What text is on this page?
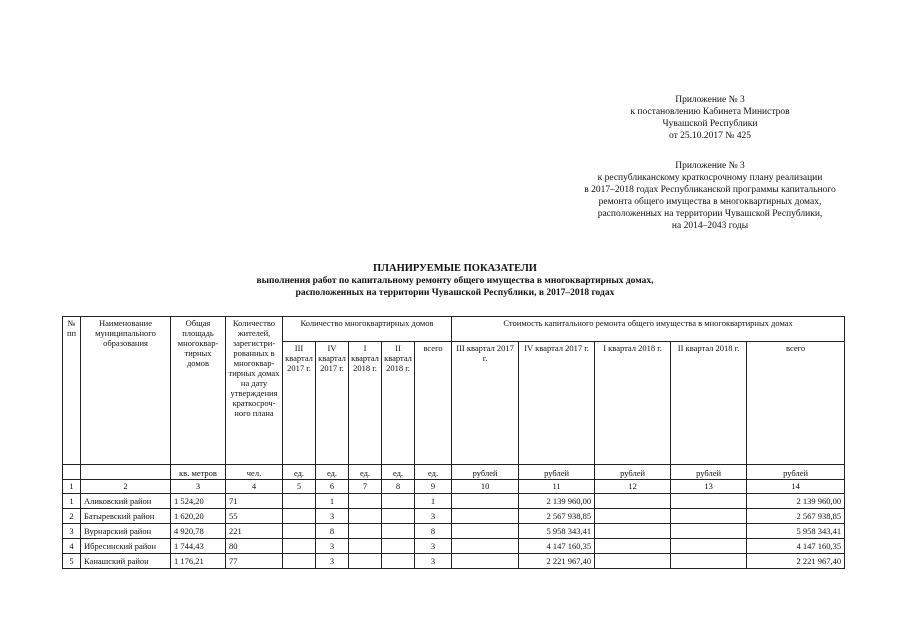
Приложение № 3
к постановлению Кабинета Министров
Чувашской Республики
от 25.10.2017 № 425
Приложение № 3
к республиканскому краткосрочному плану реализации
в 2017–2018 годах Республиканской программы капитального
ремонта общего имущества в многоквартирных домах,
расположенных на территории Чувашской Республики,
на 2014–2043 годы
ПЛАНИРУЕМЫЕ ПОКАЗАТЕЛИ
выполнения работ по капитальному ремонту общего имущества в многоквартирных домах,
расположенных на территории Чувашской Республики, в 2017–2018 годах
№ пп	Наименование муниципального образования	Общая площадь многоквар-тирных домов	Количество жителей, зарегистри-рованных в многоквар-тирных домах на дату утверждения краткосроч-ного плана	Количество многоквартирных домов					Стоимость капитального ремонта общего имущества в многоквартирных домах				
				III квартал 2017 г.	IV квартал 2017 г.	I квартал 2018 г.	II квартал 2018 г.	всего	III квартал 2017 г.	IV квартал 2017 г.	I квартал 2018 г.	II квартал 2018 г.	всего
		кв. метров	чел.	ед.	ед.	ед.	ед.	ед.	рублей	рублей	рублей	рублей	рублей
1	2	3	4	5	6	7	8	9	10	11	12	13	14
1	Аликовский район	1 524,20	71		1			1		2 139 960,00			2 139 960,00
2	Батыревский район	1 620,20	55		3			3		2 567 938,85			2 567 938,85
3	Вурнарский район	4 920,78	221		8			8		5 958 343,41			5 958 343,41
4	Ибресинский район	1 744,43	80		3			3		4 147 160,35			4 147 160,35
5	Канашский район	1 176,21	77		3			3		2 221 967,40			2 221 967,40
